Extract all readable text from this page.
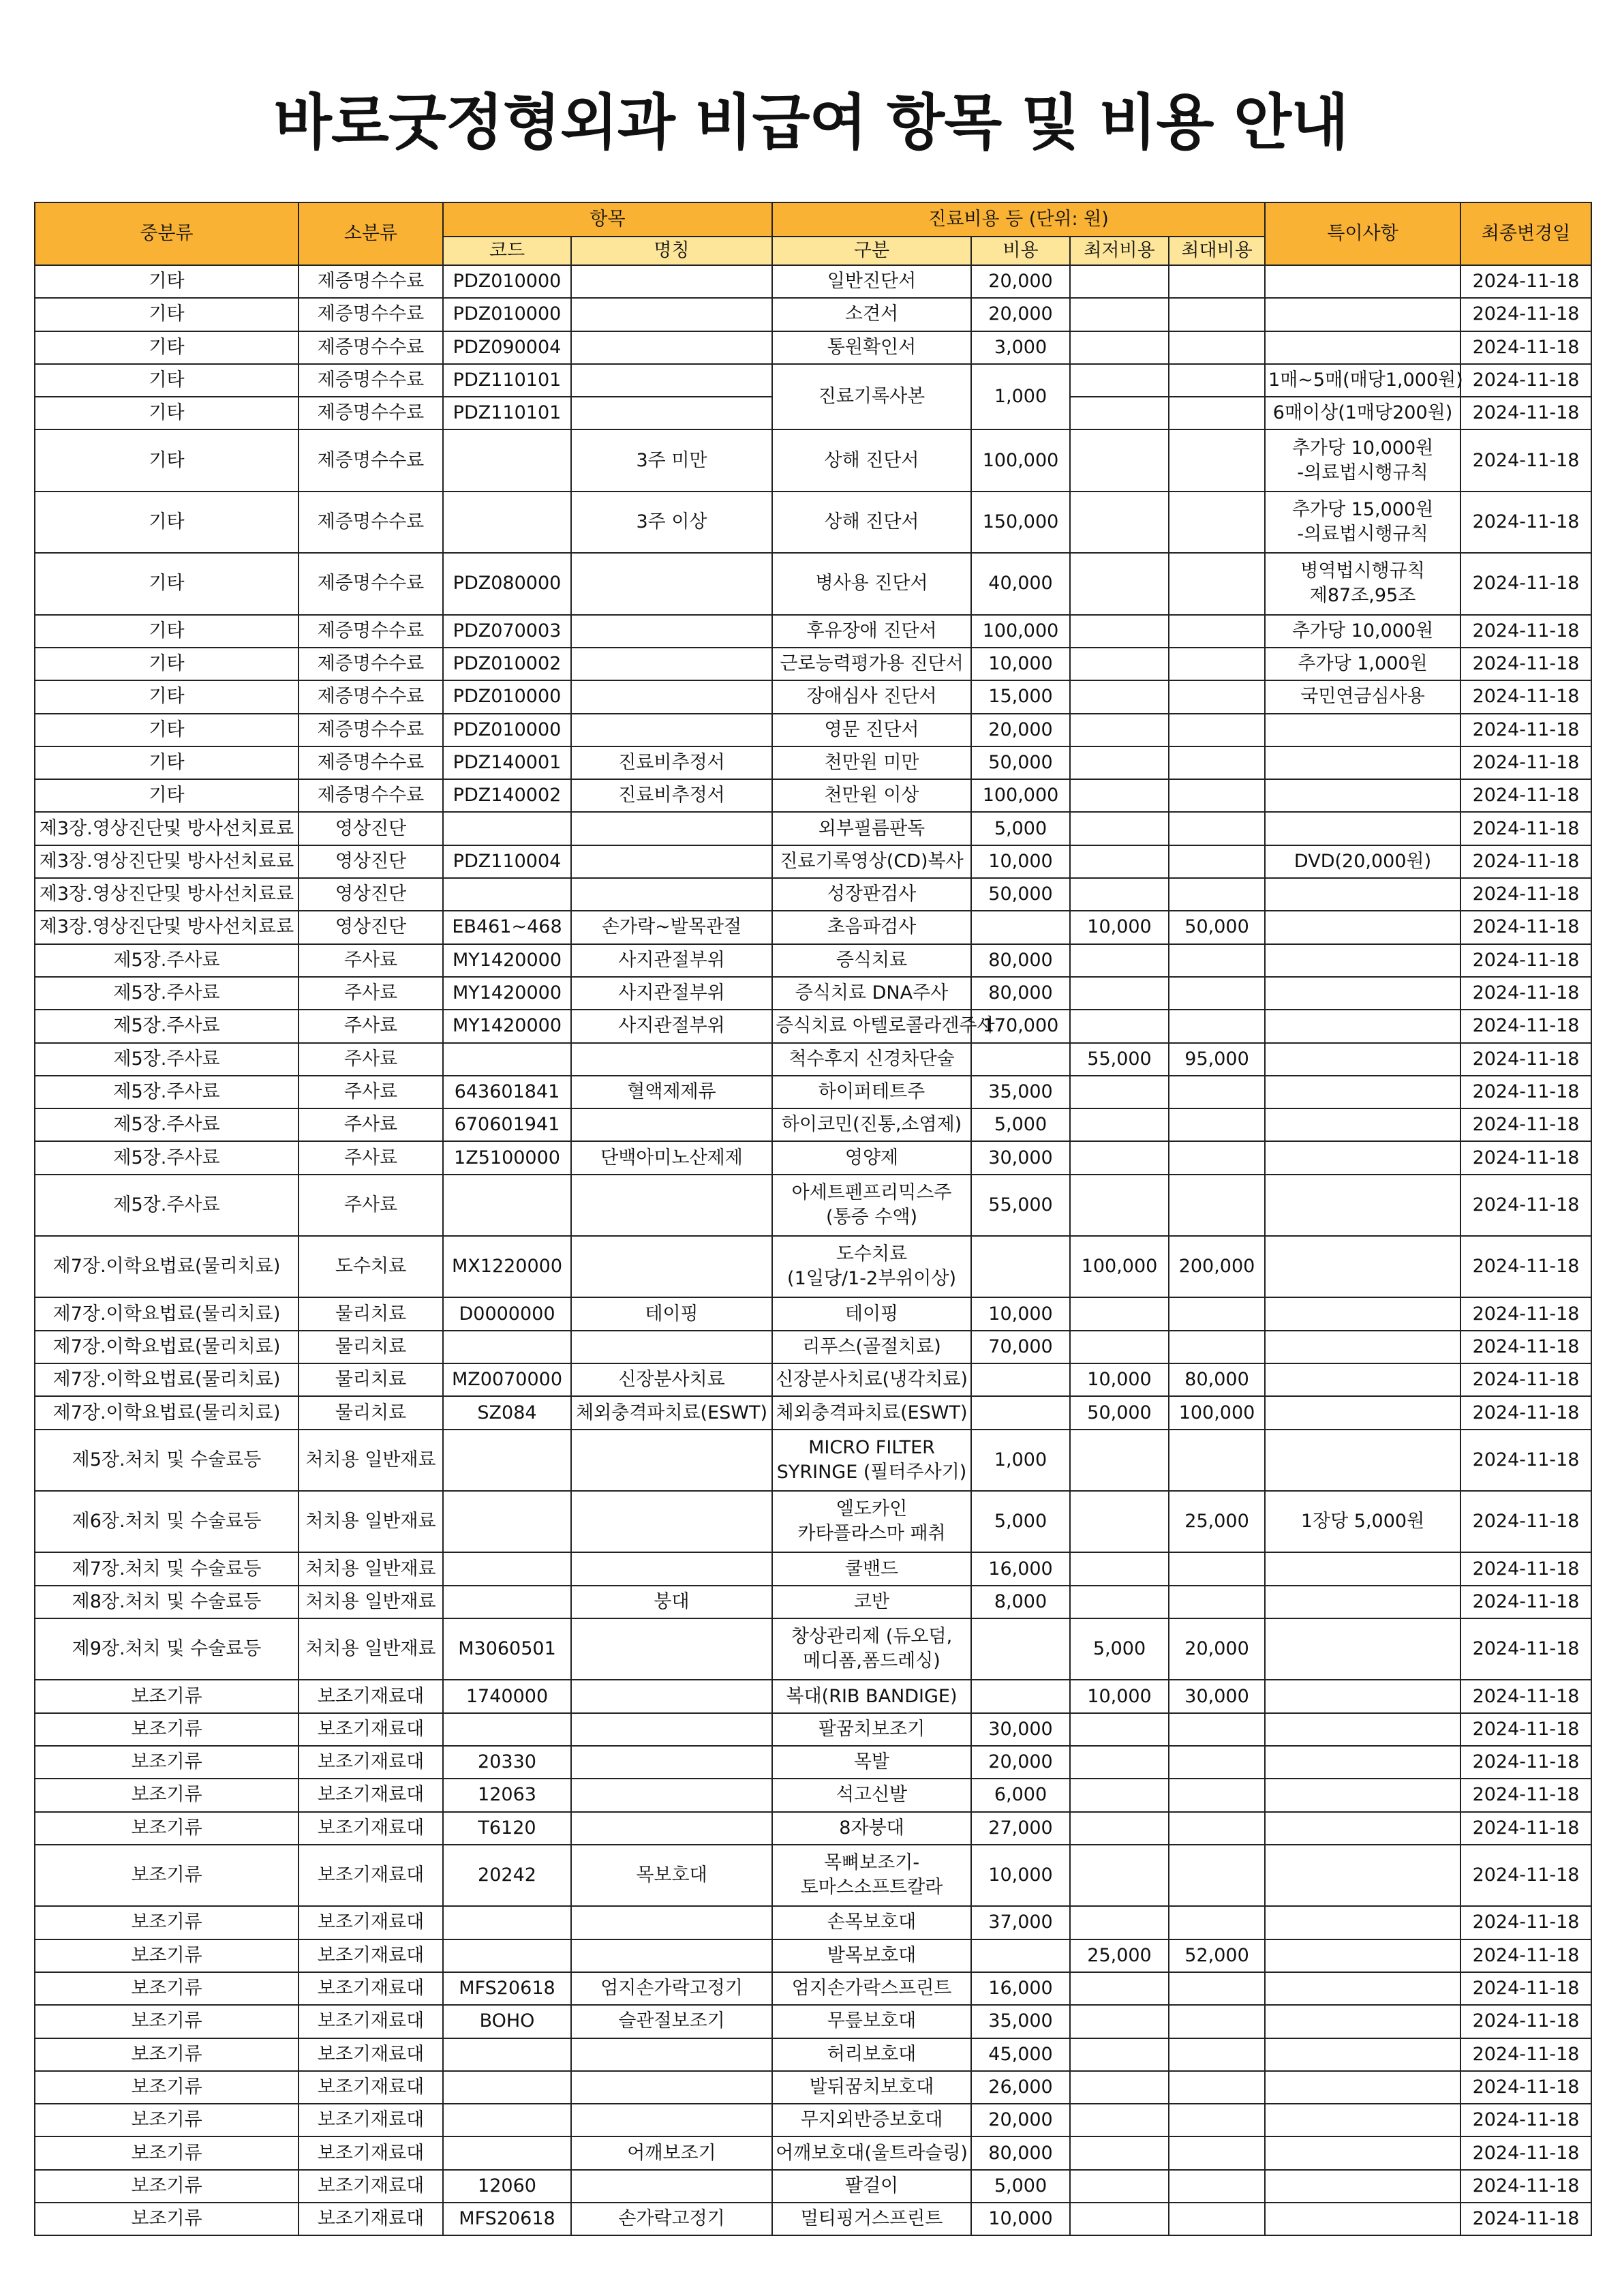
바로굿정형외과 비급여 항목 및 비용 안내
중분류	소분류	항목		진료비용 등 (단위: 원)				특이사항	최종변경일
		코드	명칭	구분	비용	최저비용	최대비용		
기타	제증명수수료	PDZ010000		일반진단서	20,000				2024-11-18
기타	제증명수수료	PDZ010000		소견서	20,000				2024-11-18
기타	제증명수수료	PDZ090004		통원확인서	3,000				2024-11-18
기타	제증명수수료	PDZ110101		진료기록사본	1,000			1매~5매(매당1,000원)	2024-11-18
기타	제증명수수료	PDZ110101						6매이상(1매당200원)	2024-11-18
기타	제증명수수료		3주 미만	상해 진단서	100,000			추가당 10,000원
-의료법시행규칙	2024-11-18
기타	제증명수수료		3주 이상	상해 진단서	150,000			추가당 15,000원
-의료법시행규칙	2024-11-18
기타	제증명수수료	PDZ080000		병사용 진단서	40,000			병역법시행규칙
제87조,95조	2024-11-18
기타	제증명수수료	PDZ070003		후유장애 진단서	100,000			추가당 10,000원	2024-11-18
기타	제증명수수료	PDZ010002		근로능력평가용 진단서	10,000			추가당 1,000원	2024-11-18
기타	제증명수수료	PDZ010000		장애심사 진단서	15,000			국민연금심사용	2024-11-18
기타	제증명수수료	PDZ010000		영문 진단서	20,000				2024-11-18
기타	제증명수수료	PDZ140001	진료비추정서	천만원 미만	50,000				2024-11-18
기타	제증명수수료	PDZ140002	진료비추정서	천만원 이상	100,000				2024-11-18
제3장.영상진단및 방사선치료료	영상진단			외부필름판독	5,000				2024-11-18
제3장.영상진단및 방사선치료료	영상진단	PDZ110004		진료기록영상(CD)복사	10,000			DVD(20,000원)	2024-11-18
제3장.영상진단및 방사선치료료	영상진단			성장판검사	50,000				2024-11-18
제3장.영상진단및 방사선치료료	영상진단	EB461~468	손가락~발목관절	초음파검사		10,000	50,000		2024-11-18
제5장.주사료	주사료	MY1420000	사지관절부위	증식치료	80,000				2024-11-18
제5장.주사료	주사료	MY1420000	사지관절부위	증식치료 DNA주사	80,000				2024-11-18
제5장.주사료	주사료	MY1420000	사지관절부위	증식치료 아텔로콜라겐주사	170,000				2024-11-18
제5장.주사료	주사료			척수후지 신경차단술		55,000	95,000		2024-11-18
제5장.주사료	주사료	643601841	혈액제제류	하이퍼테트주	35,000				2024-11-18
제5장.주사료	주사료	670601941		하이코민(진통,소염제)	5,000				2024-11-18
제5장.주사료	주사료	1Z5100000	단백아미노산제제	영양제	30,000				2024-11-18
제5장.주사료	주사료			아세트펜프리믹스주
(통증 수액)	55,000				2024-11-18
제7장.이학요법료(물리치료)	도수치료	MX1220000		도수치료
(1일당/1-2부위이상)		100,000	200,000		2024-11-18
제7장.이학요법료(물리치료)	물리치료	D0000000	테이핑	테이핑	10,000				2024-11-18
제7장.이학요법료(물리치료)	물리치료			리푸스(골절치료)	70,000				2024-11-18
제7장.이학요법료(물리치료)	물리치료	MZ0070000	신장분사치료	신장분사치료(냉각치료)		10,000	80,000		2024-11-18
제7장.이학요법료(물리치료)	물리치료	SZ084	체외충격파치료(ESWT)	체외충격파치료(ESWT)		50,000	100,000		2024-11-18
제5장.처치 및 수술료등	처치용 일반재료			MICRO FILTER
SYRINGE (필터주사기)	1,000				2024-11-18
제6장.처치 및 수술료등	처치용 일반재료			엘도카인
카타플라스마 패취	5,000		25,000	1장당 5,000원	2024-11-18
제7장.처치 및 수술료등	처치용 일반재료			쿨밴드	16,000				2024-11-18
제8장.처치 및 수술료등	처치용 일반재료		붕대	코반	8,000				2024-11-18
제9장.처치 및 수술료등	처치용 일반재료	M3060501		창상관리제 (듀오덤,
메디폼,폼드레싱)		5,000	20,000		2024-11-18
보조기류	보조기재료대	1740000		복대(RIB BANDIGE)		10,000	30,000		2024-11-18
보조기류	보조기재료대			팔꿈치보조기	30,000				2024-11-18
보조기류	보조기재료대	20330		목발	20,000				2024-11-18
보조기류	보조기재료대	12063		석고신발	6,000				2024-11-18
보조기류	보조기재료대	T6120		8자붕대	27,000				2024-11-18
보조기류	보조기재료대	20242	목보호대	목뼈보조기-
토마스소프트칼라	10,000				2024-11-18
보조기류	보조기재료대			손목보호대	37,000				2024-11-18
보조기류	보조기재료대			발목보호대		25,000	52,000		2024-11-18
보조기류	보조기재료대	MFS20618	엄지손가락고정기	엄지손가락스프린트	16,000				2024-11-18
보조기류	보조기재료대	BOHO	슬관절보조기	무릎보호대	35,000				2024-11-18
보조기류	보조기재료대			허리보호대	45,000				2024-11-18
보조기류	보조기재료대			발뒤꿈치보호대	26,000				2024-11-18
보조기류	보조기재료대			무지외반증보호대	20,000				2024-11-18
보조기류	보조기재료대		어깨보조기	어깨보호대(울트라슬링)	80,000				2024-11-18
보조기류	보조기재료대	12060		팔걸이	5,000				2024-11-18
보조기류	보조기재료대	MFS20618	손가락고정기	멀티핑거스프린트	10,000				2024-11-18
